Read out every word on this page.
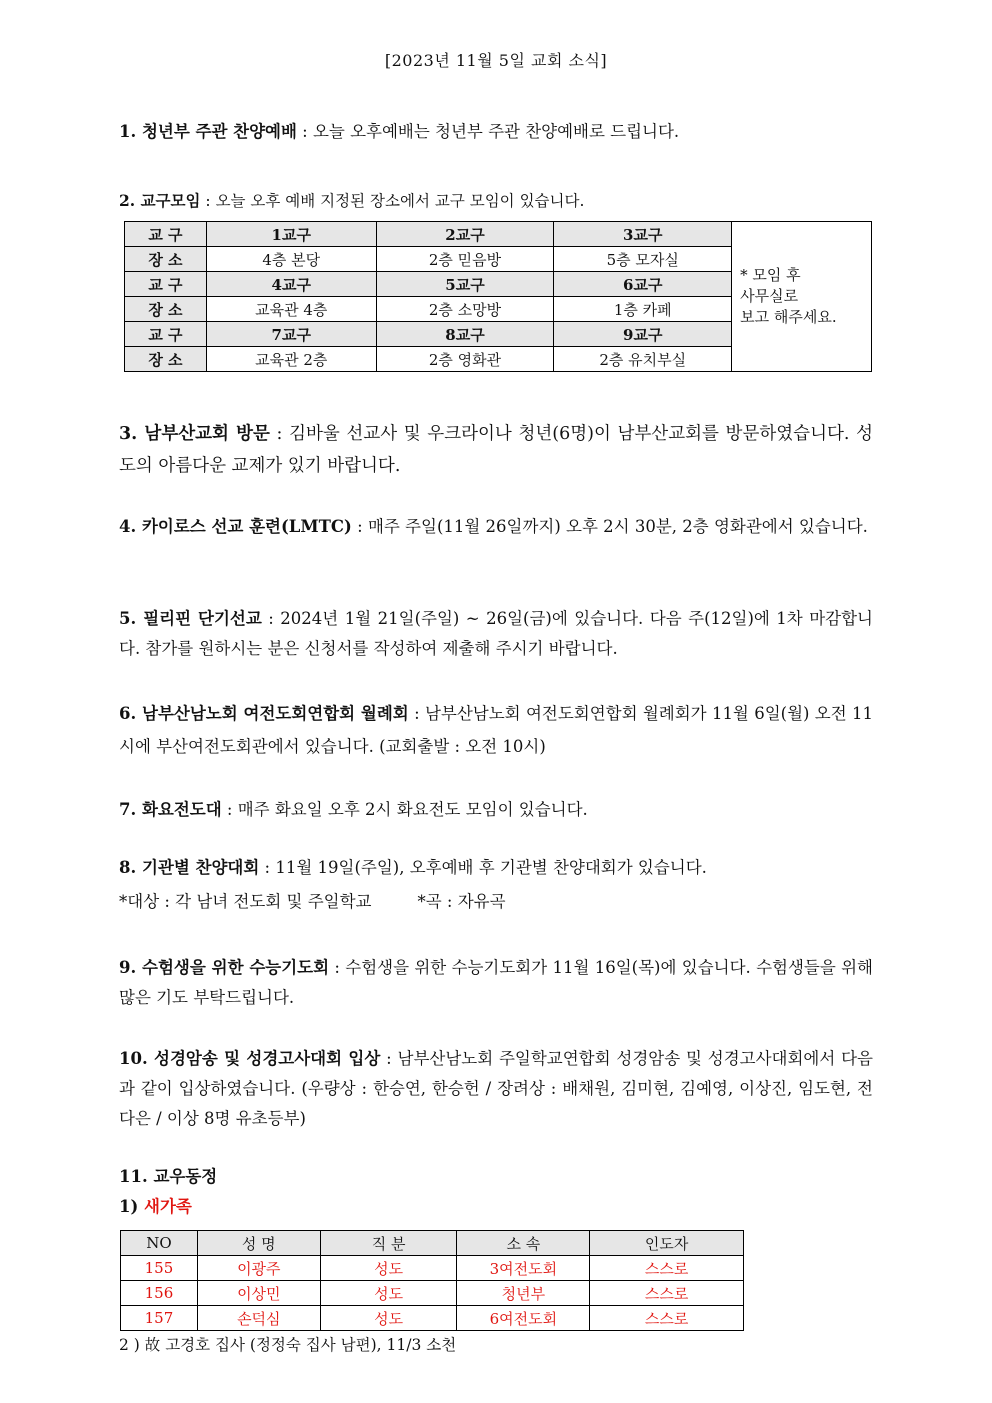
[2023년 11월 5일 교회 소식]
1. 청년부 주관 찬양예배 : 오늘 오후예배는 청년부 주관 찬양예배로 드립니다.
2. 교구모임 : 오늘 오후 예배 지정된 장소에서 교구 모임이 있습니다.
교 구	1교구	2교구	3교구	* 모임 후
사무실로
보고 해주세요.
장 소	4층 본당	2층 믿음방	5층 모자실	
교 구	4교구	5교구	6교구	
장 소	교육관 4층	2층 소망방	1층 카페	
교 구	7교구	8교구	9교구	
장 소	교육관 2층	2층 영화관	2층 유치부실	
3. 남부산교회 방문 : 김바울 선교사 및 우크라이나 청년(6명)이 남부산교회를 방문하였습니다. 성도의 아름다운 교제가 있기 바랍니다.
4. 카이로스 선교 훈련(LMTC) : 매주 주일(11월 26일까지) 오후 2시 30분, 2층 영화관에서 있습니다.
5. 필리핀 단기선교 : 2024년 1월 21일(주일) ~ 26일(금)에 있습니다. 다음 주(12일)에 1차 마감합니다. 참가를 원하시는 분은 신청서를 작성하여 제출해 주시기 바랍니다.
6. 남부산남노회 여전도회연합회 월례회 : 남부산남노회 여전도회연합회 월례회가 11월 6일(월) 오전 11시에 부산여전도회관에서 있습니다. (교회출발 : 오전 10시)
7. 화요전도대 : 매주 화요일 오후 2시 화요전도 모임이 있습니다.
8. 기관별 찬양대회 : 11월 19일(주일), 오후예배 후 기관별 찬양대회가 있습니다.
*대상 : 각 남녀 전도회 및 주일학교	*곡 : 자유곡
9. 수험생을 위한 수능기도회 : 수험생을 위한 수능기도회가 11월 16일(목)에 있습니다. 수험생들을 위해 많은 기도 부탁드립니다.
10. 성경암송 및 성경고사대회 입상 : 남부산남노회 주일학교연합회 성경암송 및 성경고사대회에서 다음과 같이 입상하였습니다. (우량상 : 한승연, 한승헌 / 장려상 : 배채원, 김미현, 김예영, 이상진, 임도현, 전다은 / 이상 8명 유초등부)
11. 교우동정
1) 새가족
NO	성 명	직 분	소 속	인도자
155	이광주	성도	3여전도회	스스로
156	이상민	성도	청년부	스스로
157	손덕심	성도	6여전도회	스스로
2 ) 故 고경호 집사 (정정숙 집사 남편), 11/3 소천
